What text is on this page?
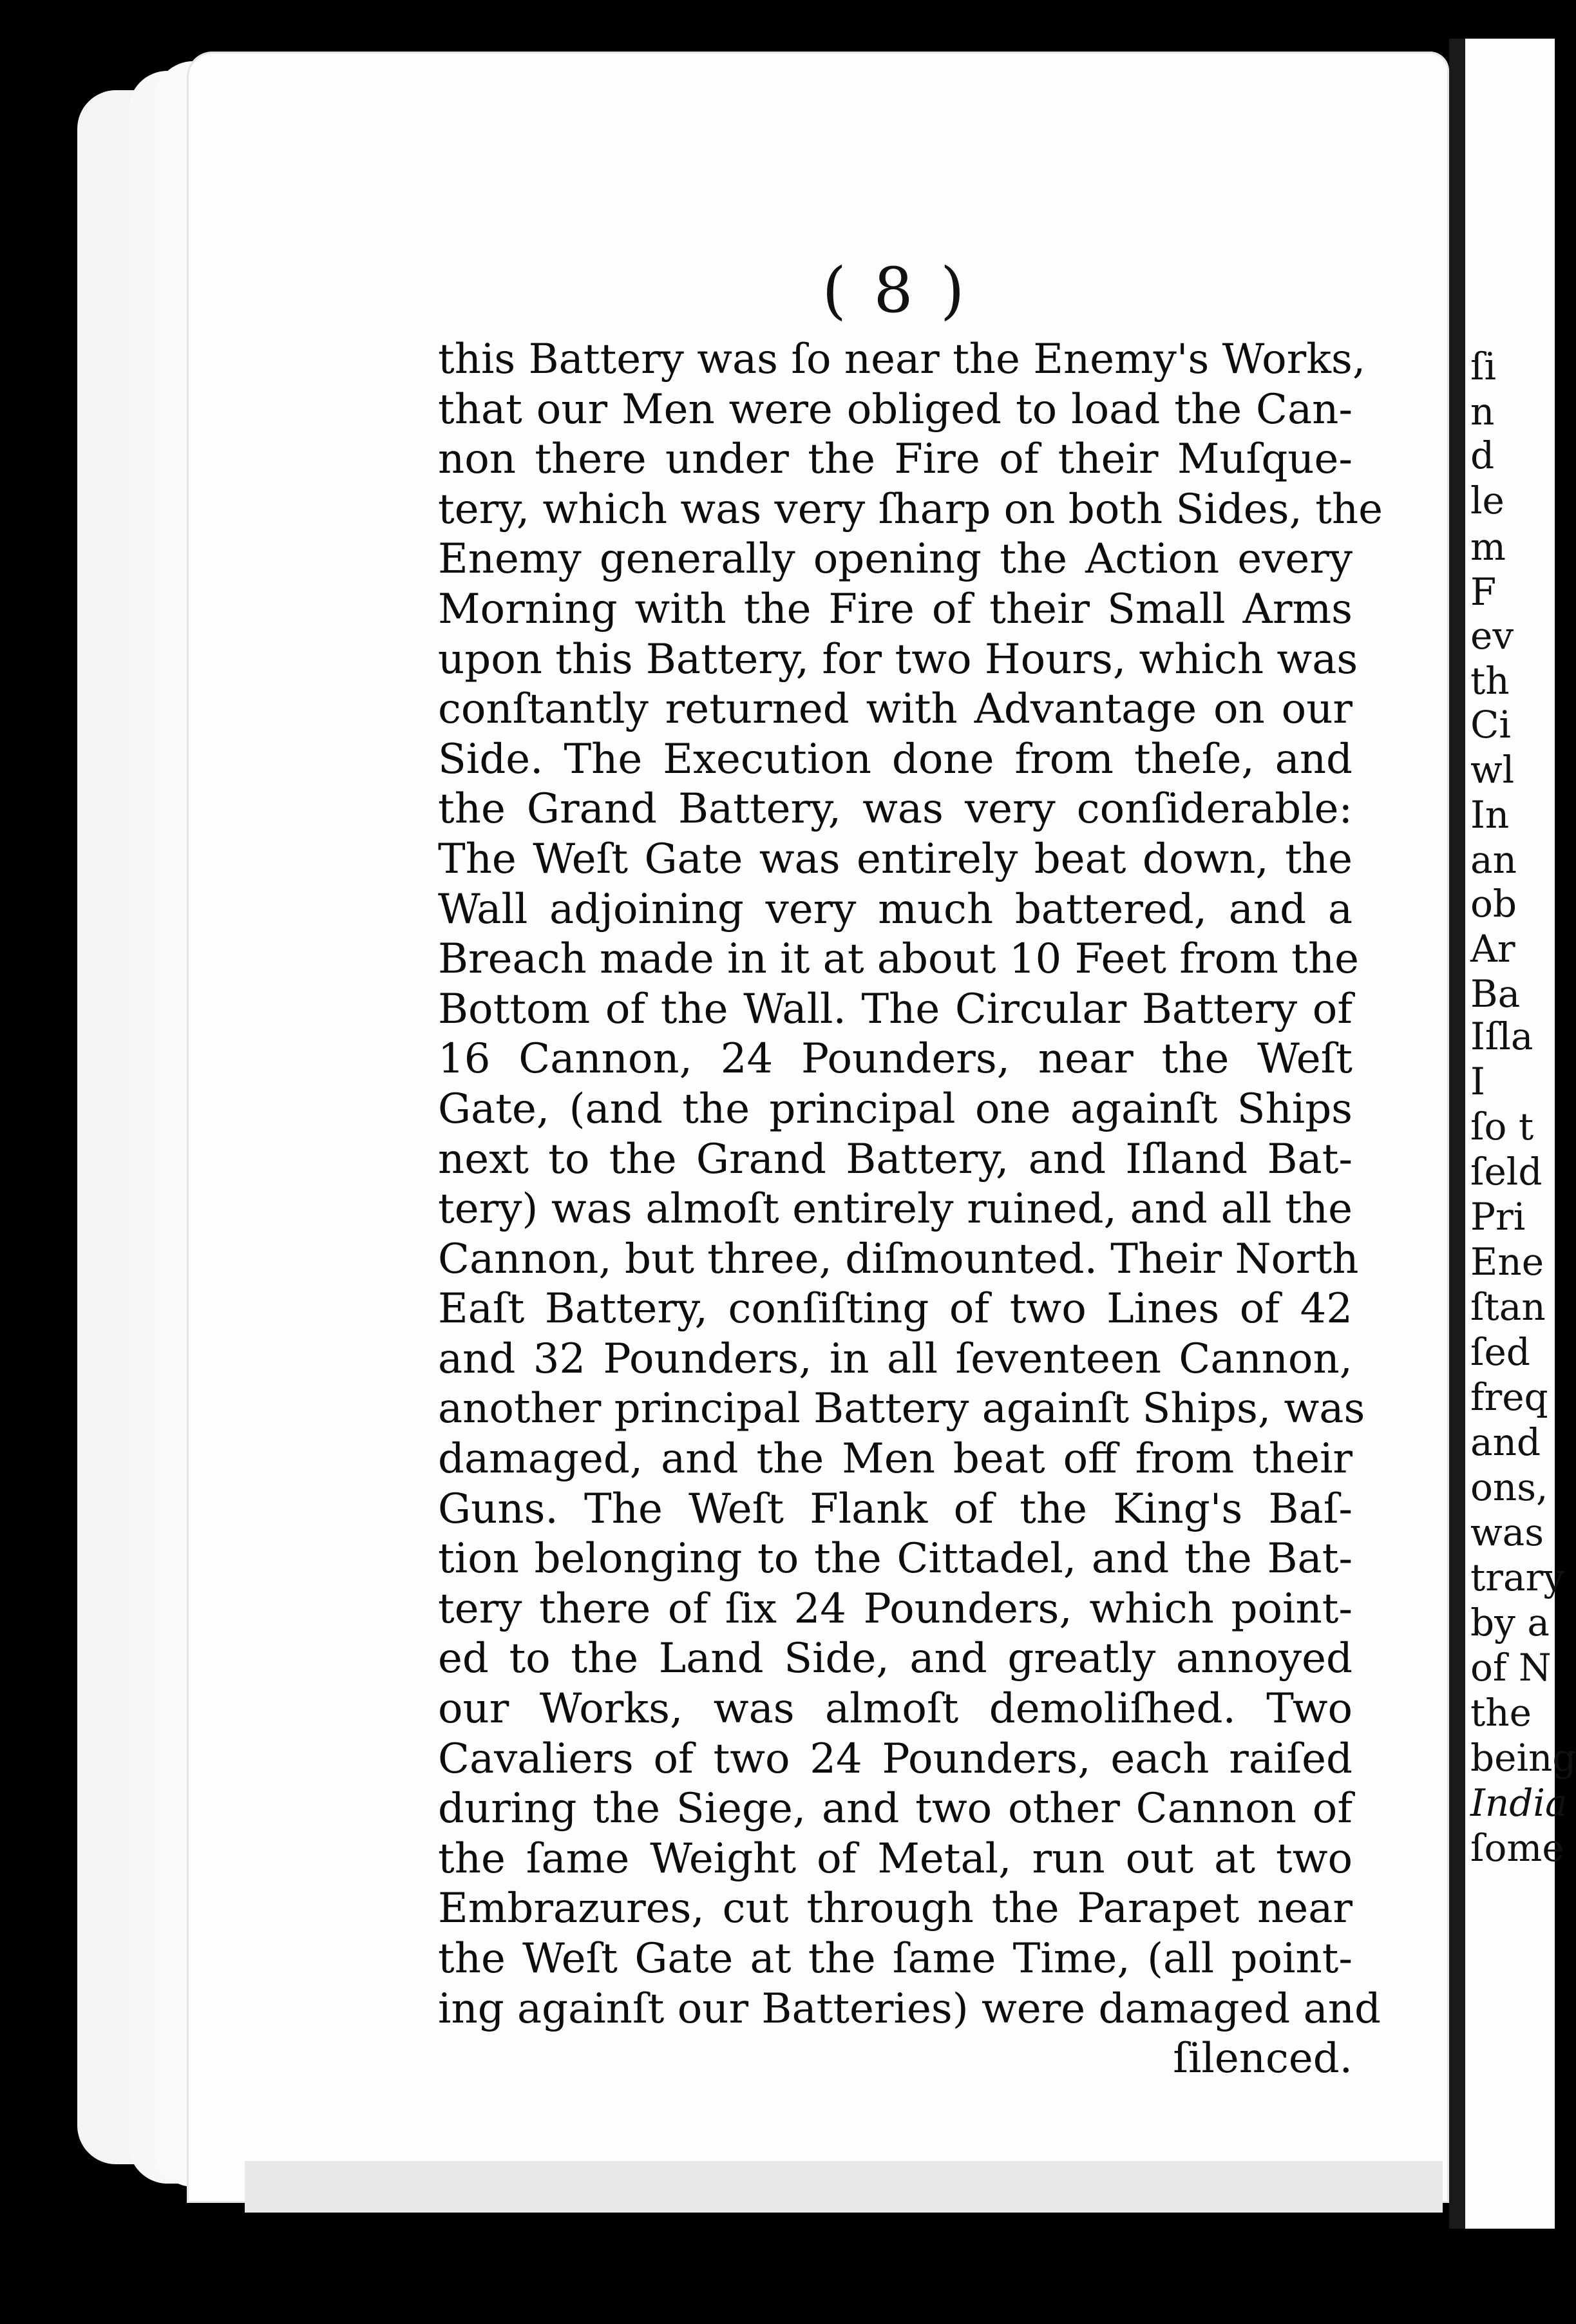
( 8 )
this Battery was ſo near the Enemy's Works,
that our Men were obliged to load the Can-
non there under the Fire of their Muſque-
tery, which was very ſharp on both Sides, the
Enemy generally opening the Action every
Morning with the Fire of their Small Arms
upon this Battery, for two Hours, which was
conſtantly returned with Advantage on our
Side. The Execution done from theſe, and
the Grand Battery, was very conſiderable:
The Weſt Gate was entirely beat down, the
Wall adjoining very much battered, and a
Breach made in it at about 10 Feet from the
Bottom of the Wall. The Circular Battery of
16 Cannon, 24 Pounders, near the Weſt
Gate, (and the principal one againſt Ships
next to the Grand Battery, and Iſland Bat-
tery) was almoſt entirely ruined, and all the
Cannon, but three, diſmounted. Their North
Eaſt Battery, conſiſting of two Lines of 42
and 32 Pounders, in all ſeventeen Cannon,
another principal Battery againſt Ships, was
damaged, and the Men beat off from their
Guns. The Weſt Flank of the King's Baſ-
tion belonging to the Cittadel, and the Bat-
tery there of ſix 24 Pounders, which point-
ed to the Land Side, and greatly annoyed
our Works, was almoſt demoliſhed. Two
Cavaliers of two 24 Pounders, each raiſed
during the Siege, and two other Cannon of
the ſame Weight of Metal, run out at two
Embrazures, cut through the Parapet near
the Weſt Gate at the ſame Time, (all point-
ing againſt our Batteries) were damaged and
ſilenced.
ſi
n
d
le
m
F
ev
th
Ci
wl
In
an
ob
Ar
Ba
Iſla
I
ſo t
ſeld
Pri
Ene
ſtan
ſed
freq
and
ons,
was
trary
by a
of N
the
being
India
ſome
